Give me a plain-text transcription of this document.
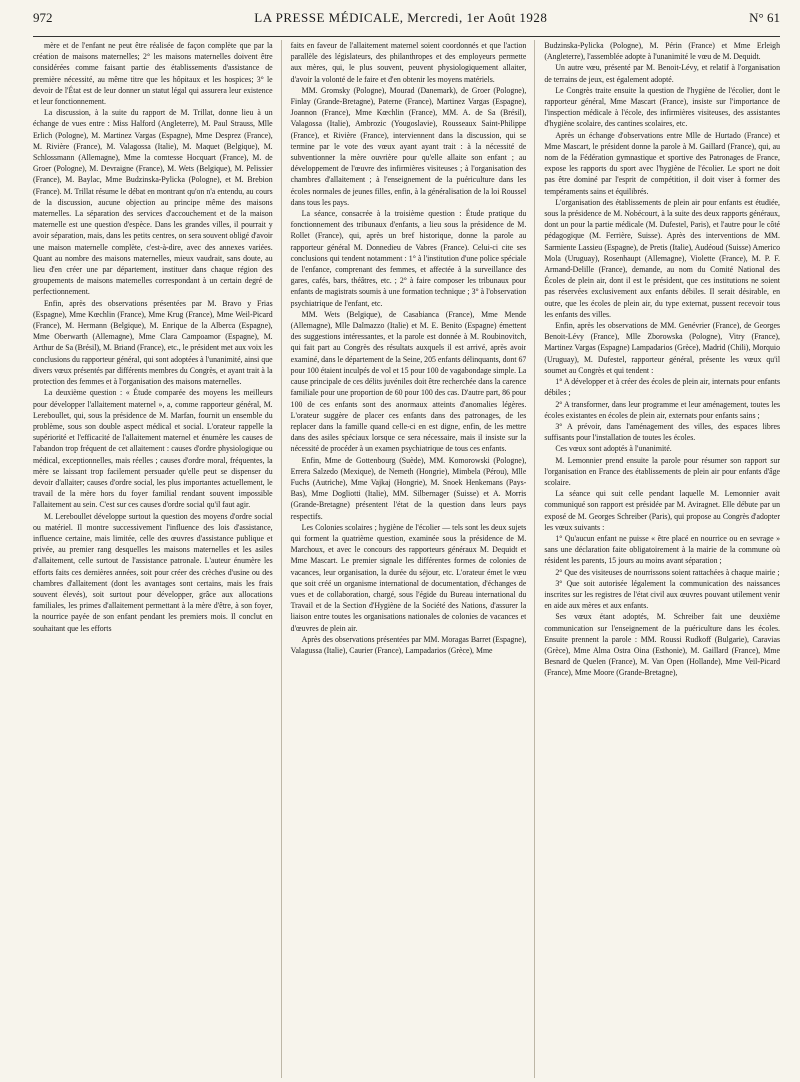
972	LA PRESSE MÉDICALE, Mercredi, 1er Août 1928	N° 61

mère et de l'enfant ne peut être réalisée de façon complète que par la création de maisons maternelles; 2° les maisons maternelles doivent être considérées comme faisant partie des établissements d'assistance de première nécessité, au même titre que les hôpitaux et les hospices; 3° le devoir de l'État est de leur donner un statut légal qui assurera leur existence et leur fonctionnement.

La discussion, à la suite du rapport de M. Trillat, donne lieu à un échange de vues entre : Miss Halford (Angleterre), M. Paul Strauss, Mlle Erlich (Pologne), M. Martinez Vargas (Espagne), Mme Desprez (France), M. Rivière (France), M. Valagossa (Italie), M. Maquet (Belgique), M. Schlossmann (Allemagne), Mme la comtesse Hocquart (France), M. de Groer (Pologne), M. Devraigne (France), M. Wets (Belgique), M. Pelissier (France), M. Baylac, Mme Budzinska-Pylicka (Pologne), et M. Brebion (France). M. Trillat résume le débat en montrant qu'on n'a entendu, au cours de la discussion, aucune objection au principe même des maisons maternelles. La séparation des services d'accouchement et de la maison maternelle est une question d'espèce. Dans les grandes villes, il pourrait y avoir séparation, mais, dans les petits centres, on sera souvent obligé d'avoir une maison maternelle complète, c'est-à-dire, avec des annexes variées. Quant au nombre des maisons maternelles, mieux vaudrait, sans doute, au lieu d'en créer une par département, instituer dans chaque région des groupements de maisons maternelles correspondant à un certain degré de perfectionnement.

Enfin, après des observations présentées par M. Bravo y Frias (Espagne), Mme Kœchlin (France), Mme Krug (France), Mme Weil-Picard (France), M. Hermann (Belgique), M. Enrique de la Alberca (Espagne), Mme Oberwarth (Allemagne), Mme Clara Campoamor (Espagne), M. Arthur de Sa (Brésil), M. Briand (France), etc., le président met aux voix les conclusions du rapporteur général, qui sont adoptées à l'unanimité, ainsi que divers vœux présentés par différents membres du Congrès, et ayant trait à la protection des femmes et à l'organisation des maisons maternelles.

La deuxième question : « Étude comparée des moyens les meilleurs pour développer l'allaitement maternel », a, comme rapporteur général, M. Lereboullet, qui, sous la présidence de M. Marfan, fournit un ensemble du problème, sous son double aspect médical et social. L'orateur rappelle la supériorité et l'efficacité de l'allaitement maternel et énumère les causes de l'abandon trop fréquent de cet allaitement : causes d'ordre physiologique ou médical, exceptionnelles, mais réelles ; causes d'ordre moral, fréquentes, la mère se laissant trop facilement persuader qu'elle peut se dispenser du devoir d'allaiter; causes d'ordre social, les plus importantes actuellement, le travail de la mère hors du foyer familial rendant souvent impossible l'allaitement au sein. C'est sur ces causes d'ordre social qu'il faut agir.

M. Lereboullet développe surtout la question des moyens d'ordre social ou matériel. Il montre successivement l'influence des lois d'assistance, influence certaine, mais limitée, celle des œuvres d'assistance publique et privée, au premier rang desquelles les maisons maternelles et les asiles d'allaitement, celle surtout de l'assistance patronale. L'auteur énumère les efforts faits ces dernières années, soit pour créer des crèches d'usine ou des chambres d'allaitement (dont les avantages sont certains, mais les frais souvent élevés), soit surtout pour développer, grâce aux allocations familiales, les primes d'allaitement permettant à la mère d'être, à son foyer, la nourrice payée de son enfant pendant les premiers mois. Il conclut en souhaitant que les efforts

faits en faveur de l'allaitement maternel soient coordonnés et que l'action parallèle des législateurs, des philanthropes et des employeurs permette aux mères, qui, le plus souvent, peuvent physiologiquement allaiter, d'avoir la volonté de le faire et d'en obtenir les moyens matériels.

MM. Gromsky (Pologne), Mourad (Danemark), de Groer (Pologne), Finlay (Grande-Bretagne), Paterne (France), Martinez Vargas (Espagne), Joannon (France), Mme Kœchlin (France), MM. A. de Sa (Brésil), Valagossa (Italie), Ambrozic (Yougoslavie), Rousseaux Saint-Philippe (France), et Rivière (France), interviennent dans la discussion, qui se termine par le vote des vœux ayant ayant trait : à la nécessité de subventionner la mère ouvrière pour qu'elle allaite son enfant ; au développement de l'œuvre des infirmières visiteuses ; à l'organisation des chambres d'allaitement ; à l'enseignement de la puériculture dans les écoles normales de jeunes filles, enfin, à la généralisation de la loi Roussel dans tous les pays.

La séance, consacrée à la troisième question : Étude pratique du fonctionnement des tribunaux d'enfants, a lieu sous la présidence de M. Rollet (France), qui, après un bref historique, donne la parole au rapporteur général M. Donnedieu de Vabres (France). Celui-ci cite ses conclusions qui tendent notamment : 1° à l'institution d'une police spéciale de l'enfance, comprenant des femmes, et affectée à la surveillance des gares, cafés, bars, théâtres, etc. ; 2° à faire composer les tribunaux pour enfants de magistrats soumis à une formation technique ; 3° à l'observation psychiatrique de l'enfant, etc.

MM. Wets (Belgique), de Casabianca (France), Mme Mende (Allemagne), Mlle Dalmazzo (Italie) et M. E. Benito (Espagne) émettent des suggestions intéressantes, et la parole est donnée à M. Roubinovitch, qui fait part au Congrès des résultats auxquels il est arrivé, après avoir examiné, dans le département de la Seine, 205 enfants délinquants, dont 67 pour 100 étaient inculpés de vol et 15 pour 100 de vagabondage simple. La cause principale de ces délits juvéniles doit être recherchée dans la carence familiale pour une proportion de 60 pour 100 des cas. D'autre part, 86 pour 100 de ces enfants sont des anormaux atteints d'anomalies légères. L'orateur suggère de placer ces enfants dans des patronages, de les replacer dans la famille quand celle-ci en est digne, enfin, de les mettre dans des asiles spéciaux lorsque ce sera nécessaire, mais il insiste sur la nécessité de procéder à un examen psychiatrique de tous ces enfants.

Enfin, Mme de Gottenbourg (Suède), MM. Komorowski (Pologne), Errera Salzedo (Mexique), de Nemeth (Hongrie), Mimbela (Pérou), Mlle Fuchs (Autriche), Mme Vajkaj (Hongrie), M. Snoek Henkemans (Pays-Bas), Mme Dogliotti (Italie), MM. Silbernager (Suisse) et A. Morris (Grande-Bretagne) présentent l'état de la question dans leurs pays respectifs.

Les Colonies scolaires ; hygiène de l'écolier — tels sont les deux sujets qui forment la quatrième question, examinée sous la présidence de M. Marchoux, et avec le concours des rapporteurs généraux M. Dequidt et Mme Mascart. Le premier signale les différentes formes de colonies de vacances, leur organisation, la durée du séjour, etc. L'orateur émet le vœu que soit créé un organisme international de documentation, d'échanges de vues et de collaboration, chargé, sous l'égide du Bureau international du Travail et de la Section d'Hygiène de la Société des Nations, d'assurer la liaison entre toutes les organisations nationales de colonies de vacances et d'œuvres de plein air.

Après des observations présentées par MM. Moragas Barret (Espagne), Valagussa (Italie), Caurier (France), Lampadarios (Grèce), Mme

Budzinska-Pylicka (Pologne), M. Périn (France) et Mme Erleigh (Angleterre), l'assemblée adopte à l'unanimité le vœu de M. Dequidt.

Un autre vœu, présenté par M. Benoit-Lévy, et relatif à l'organisation de terrains de jeux, est également adopté.

Le Congrès traite ensuite la question de l'hygiène de l'écolier, dont le rapporteur général, Mme Mascart (France), insiste sur l'importance de l'inspection médicale à l'école, des infirmières visiteuses, des assistantes d'hygiène scolaire, des cantines scolaires, etc.

Après un échange d'observations entre Mlle de Hurtado (France) et Mme Mascart, le président donne la parole à M. Gaillard (France), qui, au nom de la Fédération gymnastique et sportive des Patronages de France, expose les rapports du sport avec l'hygiène de l'écolier. Le sport ne doit pas être dominé par l'esprit de compétition, il doit viser à former des tempéraments sains et équilibrés.

L'organisation des établissements de plein air pour enfants est étudiée, sous la présidence de M. Nobécourt, à la suite des deux rapports généraux, dont un pour la partie médicale (M. Dufestel, Paris), et l'autre pour le côté pédagogique (M. Ferrière, Suisse). Après des interventions de MM. Sarmiente Lassieu (Espagne), de Pretis (Italie), Audéoud (Suisse) Americo Mola (Uruguay), Rosenhaupt (Allemagne), Violette (France), M. P. F. Armand-Delille (France), demande, au nom du Comité National des Écoles de plein air, dont il est le président, que ces institutions ne soient pas réservées exclusivement aux enfants débiles. Il serait désirable, en outre, que les écoles de plein air, du type externat, pussent recevoir tous les enfants des villes.

Enfin, après les observations de MM. Genévrier (France), de Georges Benoit-Lévy (France), Mlle Zborowska (Pologne), Vitry (France), Martinez Vargas (Espagne) Lampadarios (Grèce), Madrid (Chili), Morquio (Uruguay), M. Dufestel, rapporteur général, présente les vœux qu'il soumet au Congrès et qui tendent :

1° A développer et à créer des écoles de plein air, internats pour enfants débiles ;

2° A transformer, dans leur programme et leur aménagement, toutes les écoles existantes en écoles de plein air, externats pour enfants sains ;

3° A prévoir, dans l'aménagement des villes, des espaces libres suffisants pour l'installation de toutes les écoles.

Ces vœux sont adoptés à l'unanimité.

M. Lemonnier prend ensuite la parole pour résumer son rapport sur l'organisation en France des établissements de plein air pour enfants d'âge scolaire.

La séance qui suit celle pendant laquelle M. Lemonnier avait communiqué son rapport est présidée par M. Aviragnet. Elle débute par un exposé de M. Georges Schreiber (Paris), qui propose au Congrès d'adopter les vœux suivants :

1° Qu'aucun enfant ne puisse « être placé en nourrice ou en sevrage » sans une déclaration faite obligatoirement à la mairie de la commune où résident les parents, 15 jours au moins avant séparation ;

2° Que des visiteuses de nourrissons soient rattachées à chaque mairie ;

3° Que soit autorisée légalement la communication des naissances inscrites sur les registres de l'état civil aux œuvres pouvant utilement venir en aide aux mères et aux enfants.

Ses vœux étant adoptés, M. Schreiber fait une deuxième communication sur l'enseignement de la puériculture dans les écoles. Ensuite prennent la parole : MM. Roussi Rudkoff (Bulgarie), Caravias (Grèce), Mme Alma Ostra Oina (Esthonie), M. Gaillard (France), Mme Besnard de Quelen (France), M. Van Open (Hollande), Mme Veil-Picard (France), Mme Moore (Grande-Bretagne),
